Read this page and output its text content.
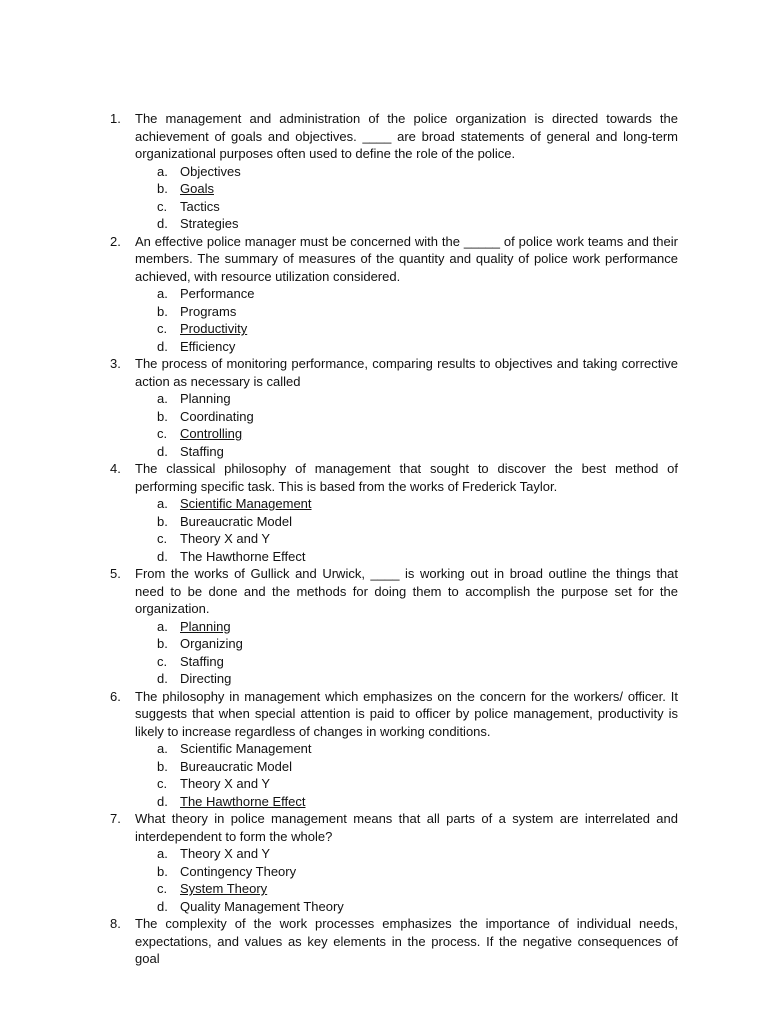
1.	The management and administration of the police organization is directed towards the achievement of goals and objectives. ____ are broad statements of general and long-term organizational purposes often used to define the role of the police.
a. Objectives
b. Goals
c. Tactics
d. Strategies
2.	An effective police manager must be concerned with the _____ of police work teams and their members. The summary of measures of the quantity and quality of police work performance achieved, with resource utilization considered.
a. Performance
b. Programs
c. Productivity
d. Efficiency
3.	The process of monitoring performance, comparing results to objectives and taking corrective action as necessary is called
a. Planning
b. Coordinating
c. Controlling
d. Staffing
4.	The classical philosophy of management that sought to discover the best method of performing specific task. This is based from the works of Frederick Taylor.
a. Scientific Management
b. Bureaucratic Model
c. Theory X and Y
d. The Hawthorne Effect
5.	From the works of Gullick and Urwick, ____ is working out in broad outline the things that need to be done and the methods for doing them to accomplish the purpose set for the organization.
a. Planning
b. Organizing
c. Staffing
d. Directing
6.	The philosophy in management which emphasizes on the concern for the workers/ officer. It suggests that when special attention is paid to officer by police management, productivity is likely to increase regardless of changes in working conditions.
a. Scientific Management
b. Bureaucratic Model
c. Theory X and Y
d. The Hawthorne Effect
7.	What theory in police management means that all parts of a system are interrelated and interdependent to form the whole?
a. Theory X and Y
b. Contingency Theory
c. System Theory
d. Quality Management Theory
8.	The complexity of the work processes emphasizes the importance of individual needs, expectations, and values as key elements in the process. If the negative consequences of goal
